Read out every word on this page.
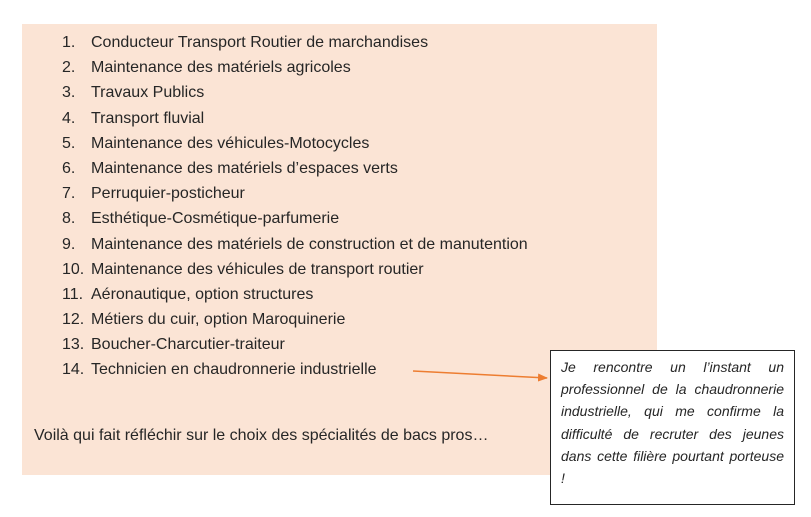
1. Conducteur Transport Routier de marchandises
2. Maintenance des matériels agricoles
3. Travaux Publics
4. Transport fluvial
5. Maintenance des véhicules-Motocycles
6. Maintenance des matériels d’espaces verts
7. Perruquier-posticheur
8. Esthétique-Cosmétique-parfumerie
9. Maintenance des matériels de construction et de manutention
10. Maintenance des véhicules de transport routier
11. Aéronautique, option structures
12. Métiers du cuir, option Maroquinerie
13. Boucher-Charcutier-traiteur
14. Technicien en chaudronnerie industrielle

Voilà qui fait réfléchir sur le choix des spécialités de bacs pros…

Je rencontre un l’instant un professionnel de la chaudronnerie industrielle, qui me confirme la difficulté de recruter des jeunes dans cette filière pourtant porteuse !
